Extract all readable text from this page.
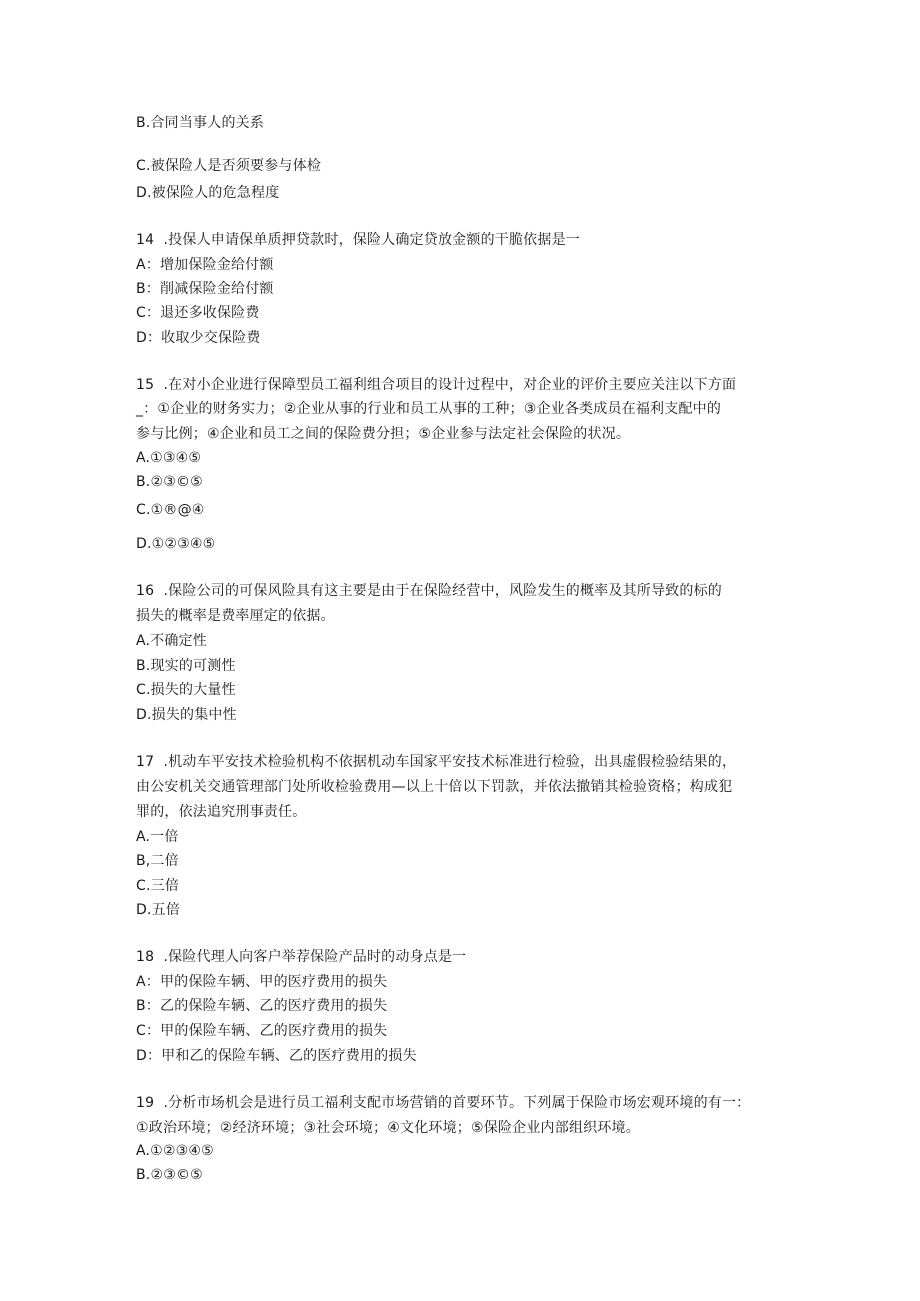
B.合同当事人的关系
C.被保险人是否须要参与体检
D.被保险人的危急程度
14  .投保人申请保单质押贷款时，保险人确定贷放金额的干脆依据是一
A：增加保险金给付额
B：削减保险金给付额
C：退还多收保险费
D：收取少交保险费
15  .在对小企业进行保障型员工福利组合项目的设计过程中，对企业的评价主要应关注以下方面
_：①企业的财务实力；②企业从事的行业和员工从事的工种；③企业各类成员在福利支配中的
参与比例；④企业和员工之间的保险费分担；⑤企业参与法定社会保险的状况。
A.①③④⑤
B.②③©⑤
C.①®@④
D.①②③④⑤
16  .保险公司的可保风险具有这主要是由于在保险经营中，风险发生的概率及其所导致的标的
损失的概率是费率厘定的依据。
A.不确定性
B.现实的可测性
C.损失的大量性
D.损失的集中性
17  .机动车平安技术检验机构不依据机动车国家平安技术标准进行检验，出具虚假检验结果的，
由公安机关交通管理部门处所收检验费用—以上十倍以下罚款，并依法撤销其检验资格；构成犯
罪的，依法追究刑事责任。
A.一倍
B,二倍
C.三倍
D.五倍
18  .保险代理人向客户举荐保险产品时的动身点是一
A：甲的保险车辆、甲的医疗费用的损失
B：乙的保险车辆、乙的医疗费用的损失
C：甲的保险车辆、乙的医疗费用的损失
D：甲和乙的保险车辆、乙的医疗费用的损失
19  .分析市场机会是进行员工福利支配市场营销的首要环节。下列属于保险市场宏观环境的有一：
①政治环境；②经济环境；③社会环境；④文化环境；⑤保险企业内部组织环境。
A.①②③④⑤
B.②③©⑤
